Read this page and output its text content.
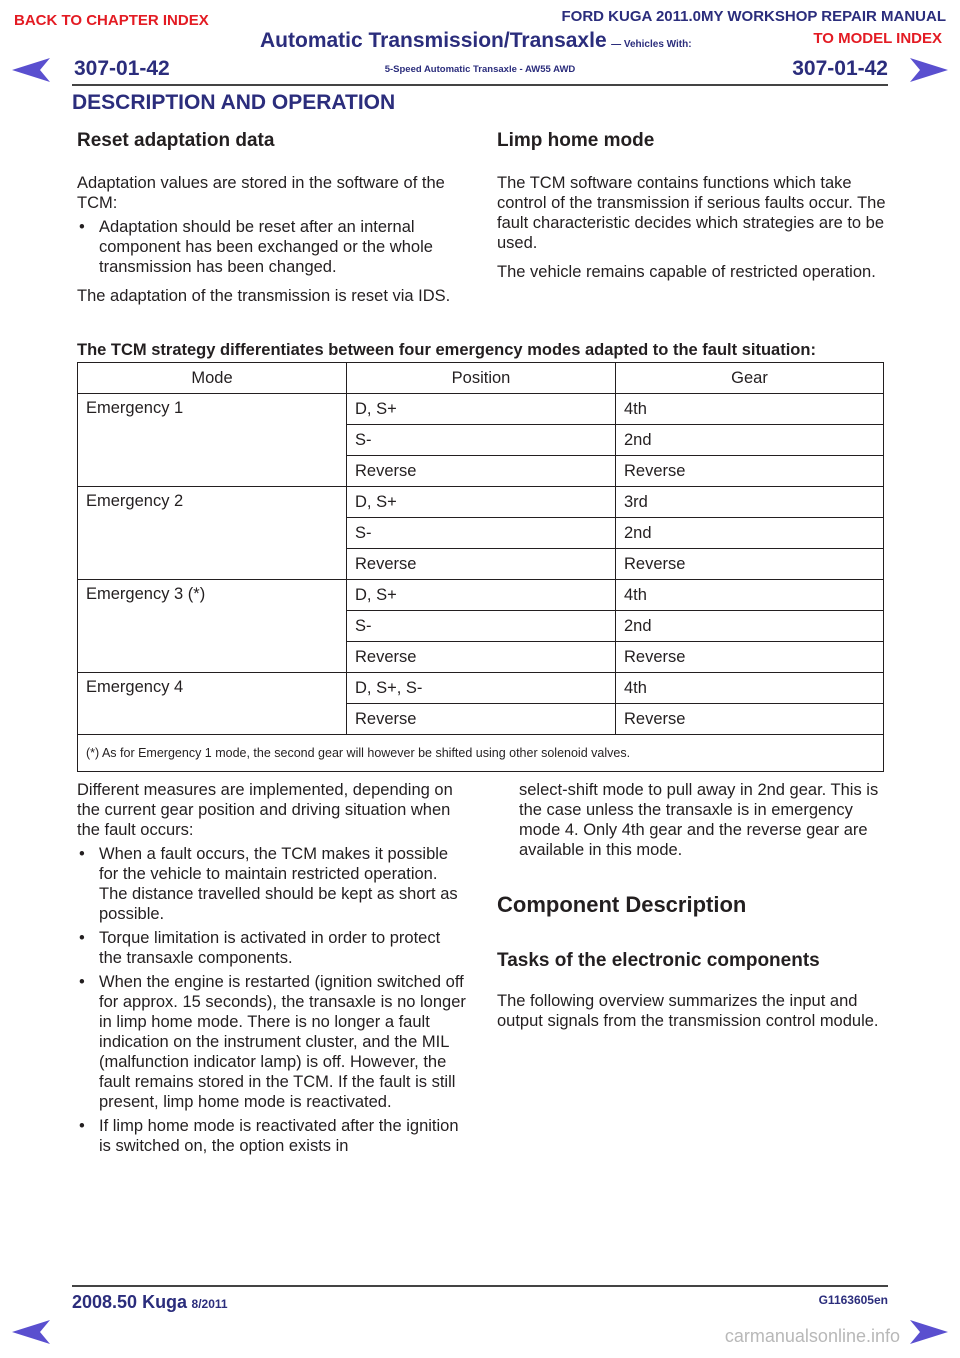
BACK TO CHAPTER INDEX	FORD KUGA 2011.0MY WORKSHOP REPAIR MANUAL
TO MODEL INDEX
Automatic Transmission/Transaxle — Vehicles With:
5-Speed Automatic Transaxle - AW55 AWD
307-01-42	307-01-42
DESCRIPTION AND OPERATION
Reset adaptation data

Adaptation values are stored in the software of the TCM:

• Adaptation should be reset after an internal component has been exchanged or the whole transmission has been changed.

The adaptation of the transmission is reset via IDS.

Limp home mode

The TCM software contains functions which take control of the transmission if serious faults occur. The fault characteristic decides which strategies are to be used.

The vehicle remains capable of restricted operation.

The TCM strategy differentiates between four emergency modes adapted to the fault situation:
Mode	Position	Gear
Emergency 1	D, S+	4th
	S-	2nd
	Reverse	Reverse
Emergency 2	D, S+	3rd
	S-	2nd
	Reverse	Reverse
Emergency 3 (*)	D, S+	4th
	S-	2nd
	Reverse	Reverse
Emergency 4	D, S+, S-	4th
	Reverse	Reverse
(*) As for Emergency 1 mode, the second gear will however be shifted using other solenoid valves.		

Different measures are implemented, depending on the current gear position and driving situation when the fault occurs:

• When a fault occurs, the TCM makes it possible for the vehicle to maintain restricted operation. The distance travelled should be kept as short as possible.
• Torque limitation is activated in order to protect the transaxle components.
• When the engine is restarted (ignition switched off for approx. 15 seconds), the transaxle is no longer in limp home mode. There is no longer a fault indication on the instrument cluster, and the MIL (malfunction indicator lamp) is off. However, the fault remains stored in the TCM. If the fault is still present, limp home mode is reactivated.
• If limp home mode is reactivated after the ignition is switched on, the option exists in

select-shift mode to pull away in 2nd gear. This is the case unless the transaxle is in emergency mode 4. Only 4th gear and the reverse gear are available in this mode.

Component Description
Tasks of the electronic components

The following overview summarizes the input and output signals from the transmission control module.

2008.50 Kuga 8/2011	G1163605en
carmanualsonline.info
